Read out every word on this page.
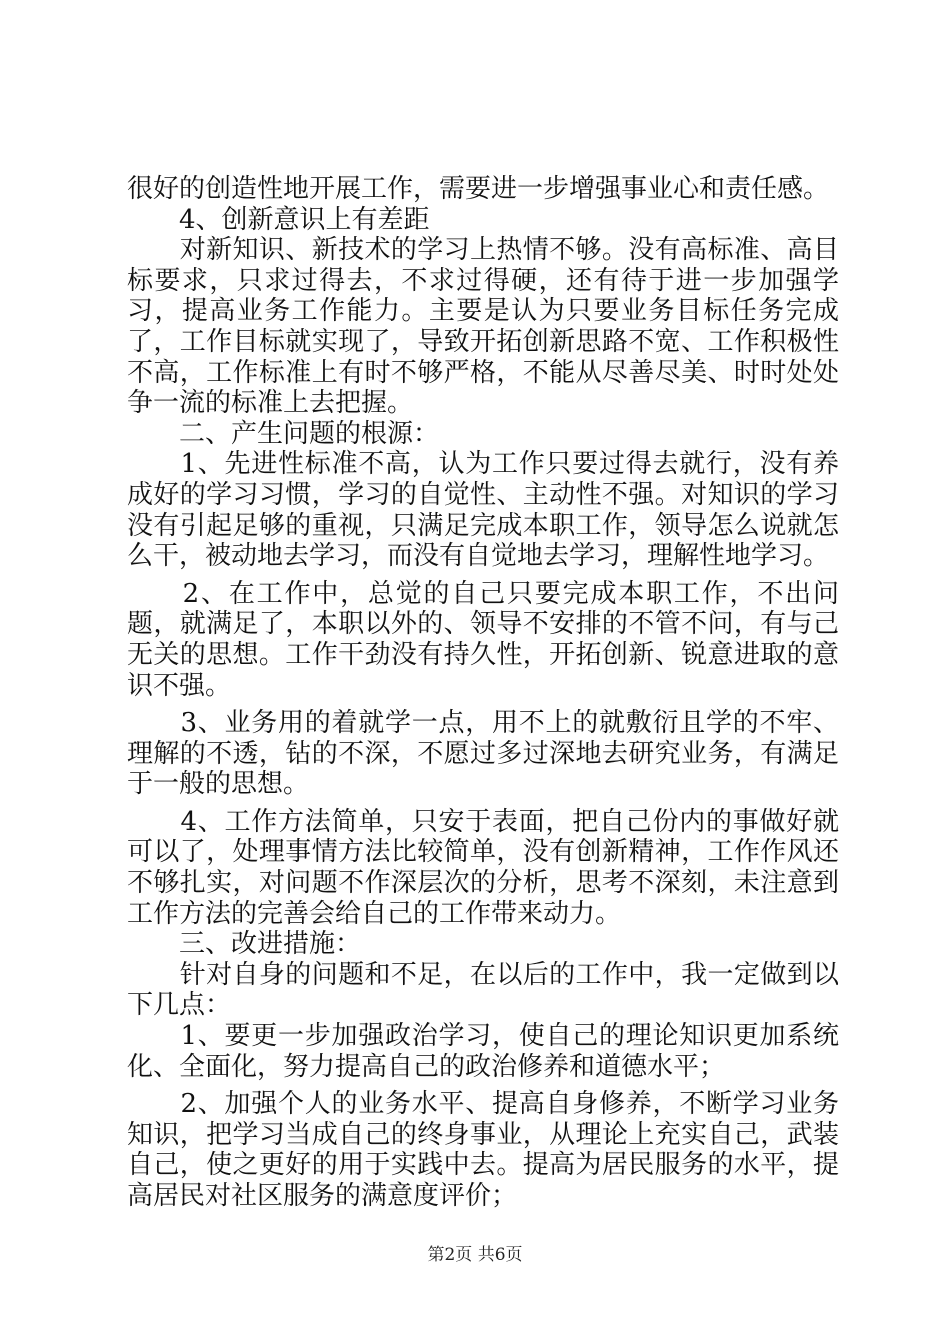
很好的创造性地开展工作，需要进一步增强事业心和责任感。

　　4、创新意识上有差距

　　对新知识、新技术的学习上热情不够。没有高标准、高目标要求，只求过得去，不求过得硬，还有待于进一步加强学习，提高业务工作能力。主要是认为只要业务目标任务完成了，工作目标就实现了，导致开拓创新思路不宽、工作积极性不高，工作标准上有时不够严格，不能从尽善尽美、时时处处争一流的标准上去把握。

　　二、产生问题的根源：

　　1、先进性标准不高，认为工作只要过得去就行，没有养成好的学习习惯，学习的自觉性、主动性不强。对知识的学习没有引起足够的重视，只满足完成本职工作，领导怎么说就怎么干，被动地去学习，而没有自觉地去学习，理解性地学习。

　　2、在工作中，总觉的自己只要完成本职工作，不出问题，就满足了，本职以外的、领导不安排的不管不问，有与己无关的思想。工作干劲没有持久性，开拓创新、锐意进取的意识不强。

　　3、业务用的着就学一点，用不上的就敷衍且学的不牢、理解的不透，钻的不深，不愿过多过深地去研究业务，有满足于一般的思想。

　　4、工作方法简单，只安于表面，把自己份内的事做好就可以了，处理事情方法比较简单，没有创新精神，工作作风还不够扎实，对问题不作深层次的分析，思考不深刻，未注意到工作方法的完善会给自己的工作带来动力。

　　三、改进措施：

　　针对自身的问题和不足，在以后的工作中，我一定做到以下几点：

　　1、要更一步加强政治学习，使自己的理论知识更加系统化、全面化，努力提高自己的政治修养和道德水平；

　　2、加强个人的业务水平、提高自身修养，不断学习业务知识，把学习当成自己的终身事业，从理论上充实自己，武装自己，使之更好的用于实践中去。提高为居民服务的水平，提高居民对社区服务的满意度评价；

第2页 共6页
